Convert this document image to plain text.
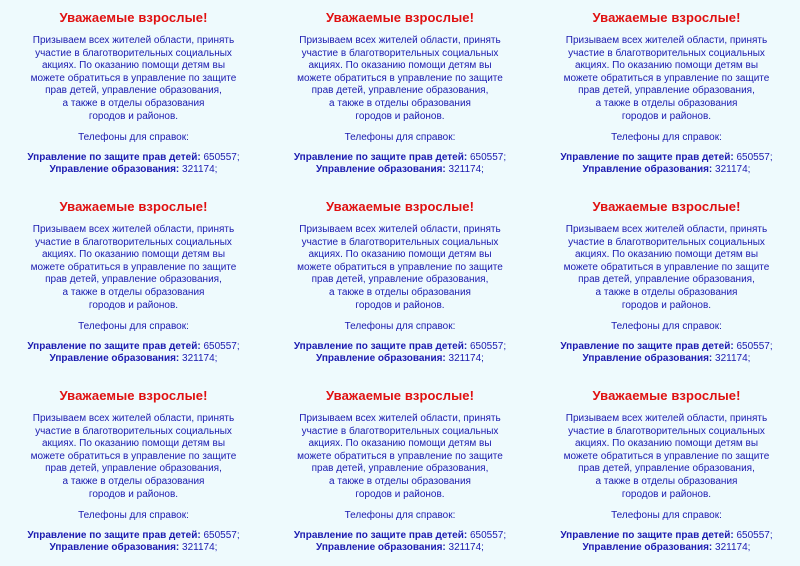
Уважаемые взрослые!
Призываем всех жителей области, принять
участие в благотворительных социальных
акциях. По оказанию помощи детям вы
можете обратиться в управление по защите
прав детей, управление образования,
а также в отделы образования
городов и районов.
Телефоны для справок:
Управление по защите прав детей: 650557;
Управление образования: 321174;
Уважаемые взрослые!
Призываем всех жителей области, принять
участие в благотворительных социальных
акциях. По оказанию помощи детям вы
можете обратиться в управление по защите
прав детей, управление образования,
а также в отделы образования
городов и районов.
Телефоны для справок:
Управление по защите прав детей: 650557;
Управление образования: 321174;
Уважаемые взрослые!
Призываем всех жителей области, принять
участие в благотворительных социальных
акциях. По оказанию помощи детям вы
можете обратиться в управление по защите
прав детей, управление образования,
а также в отделы образования
городов и районов.
Телефоны для справок:
Управление по защите прав детей: 650557;
Управление образования: 321174;
Уважаемые взрослые!
Призываем всех жителей области, принять
участие в благотворительных социальных
акциях. По оказанию помощи детям вы
можете обратиться в управление по защите
прав детей, управление образования,
а также в отделы образования
городов и районов.
Телефоны для справок:
Управление по защите прав детей: 650557;
Управление образования: 321174;
Уважаемые взрослые!
Призываем всех жителей области, принять
участие в благотворительных социальных
акциях. По оказанию помощи детям вы
можете обратиться в управление по защите
прав детей, управление образования,
а также в отделы образования
городов и районов.
Телефоны для справок:
Управление по защите прав детей: 650557;
Управление образования: 321174;
Уважаемые взрослые!
Призываем всех жителей области, принять
участие в благотворительных социальных
акциях. По оказанию помощи детям вы
можете обратиться в управление по защите
прав детей, управление образования,
а также в отделы образования
городов и районов.
Телефоны для справок:
Управление по защите прав детей: 650557;
Управление образования: 321174;
Уважаемые взрослые!
Призываем всех жителей области, принять
участие в благотворительных социальных
акциях. По оказанию помощи детям вы
можете обратиться в управление по защите
прав детей, управление образования,
а также в отделы образования
городов и районов.
Телефоны для справок:
Управление по защите прав детей: 650557;
Управление образования: 321174;
Уважаемые взрослые!
Призываем всех жителей области, принять
участие в благотворительных социальных
акциях. По оказанию помощи детям вы
можете обратиться в управление по защите
прав детей, управление образования,
а также в отделы образования
городов и районов.
Телефоны для справок:
Управление по защите прав детей: 650557;
Управление образования: 321174;
Уважаемые взрослые!
Призываем всех жителей области, принять
участие в благотворительных социальных
акциях. По оказанию помощи детям вы
можете обратиться в управление по защите
прав детей, управление образования,
а также в отделы образования
городов и районов.
Телефоны для справок:
Управление по защите прав детей: 650557;
Управление образования: 321174;
